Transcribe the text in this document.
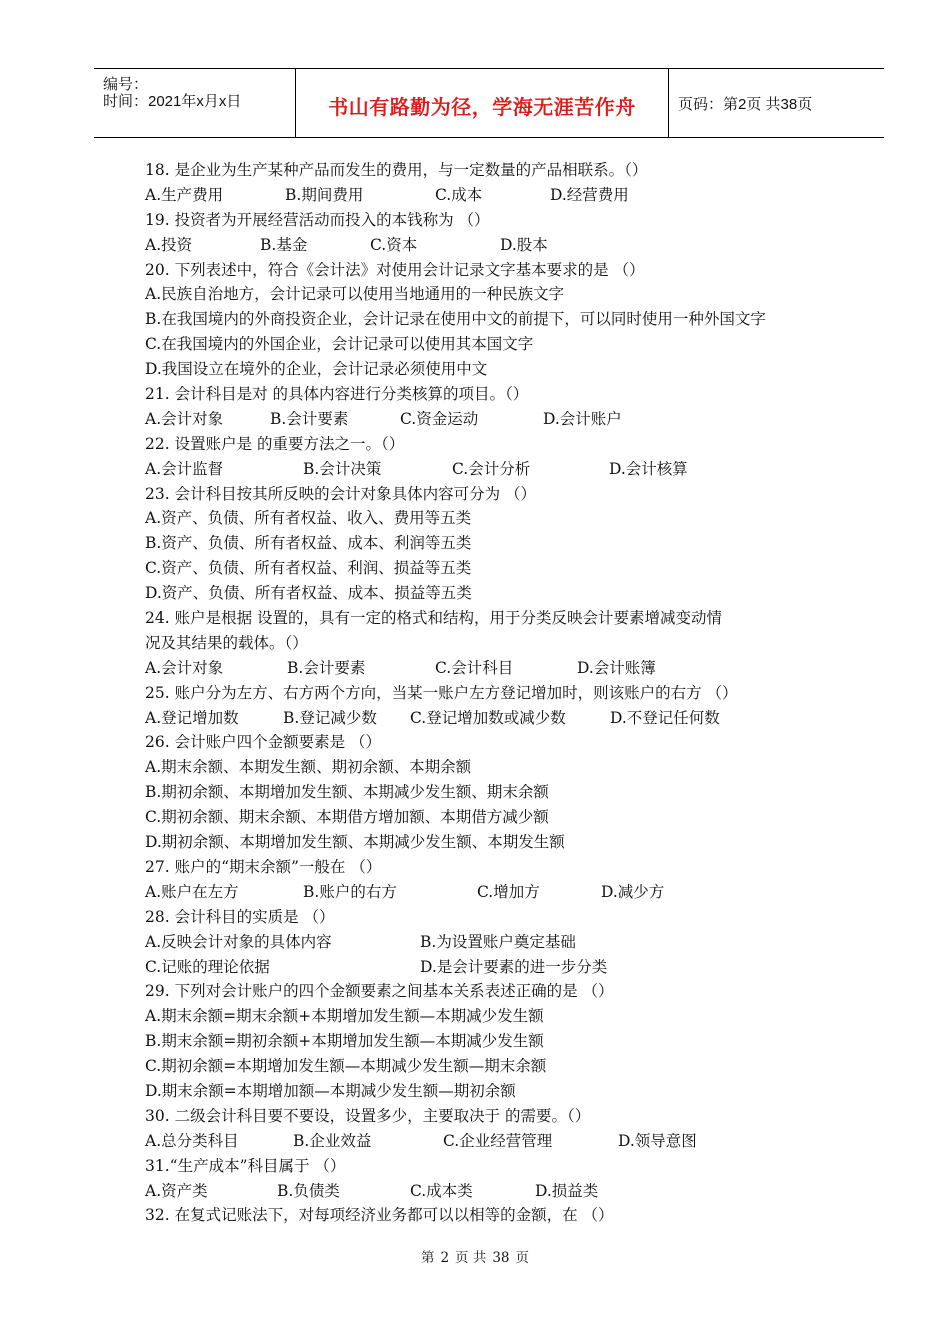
编号：
时间：2021年x月x日	书山有路勤为径，学海无涯苦作舟	页码：第2页 共38页
18. 是企业为生产某种产品而发生的费用，与一定数量的产品相联系。（）
A.生产费用	B.期间费用	C.成本	D.经营费用
19. 投资者为开展经营活动而投入的本钱称为 （）
A.投资	B.基金	C.资本	D.股本
20. 下列表述中，符合《会计法》对使用会计记录文字基本要求的是 （）
A.民族自治地方，会计记录可以使用当地通用的一种民族文字
B.在我国境内的外商投资企业，会计记录在使用中文的前提下，可以同时使用一种外国文字
C.在我国境内的外国企业，会计记录可以使用其本国文字
D.我国设立在境外的企业，会计记录必须使用中文
21. 会计科目是对 的具体内容进行分类核算的项目。（）
A.会计对象	B.会计要素	C.资金运动	D.会计账户
22. 设置账户是 的重要方法之一。（）
A.会计监督	B.会计决策	C.会计分析	D.会计核算
23. 会计科目按其所反映的会计对象具体内容可分为 （）
A.资产、负债、所有者权益、收入、费用等五类
B.资产、负债、所有者权益、成本、利润等五类
C.资产、负债、所有者权益、利润、损益等五类
D.资产、负债、所有者权益、成本、损益等五类
24. 账户是根据 设置的，具有一定的格式和结构，用于分类反映会计要素增减变动情
况及其结果的载体。（）
A.会计对象	B.会计要素	C.会计科目	D.会计账簿
25. 账户分为左方、右方两个方向，当某一账户左方登记增加时，则该账户的右方 （）
A.登记增加数	B.登记减少数 C.登记增加数或减少数	D.不登记任何数
26. 会计账户四个金额要素是 （）
A.期末余额、本期发生额、期初余额、本期余额
B.期初余额、本期增加发生额、本期减少发生额、期末余额
C.期初余额、期末余额、本期借方增加额、本期借方减少额
D.期初余额、本期增加发生额、本期减少发生额、本期发生额
27. 账户的“期末余额”一般在 （）
A.账户在左方	B.账户的右方	C.增加方	D.减少方
28. 会计科目的实质是 （）
A.反映会计对象的具体内容	B.为设置账户奠定基础
C.记账的理论依据	D.是会计要素的进一步分类
29. 下列对会计账户的四个金额要素之间基本关系表述正确的是 （）
A.期末余额=期末余额+本期增加发生额—本期减少发生额
B.期末余额=期初余额+本期增加发生额—本期减少发生额
C.期初余额=本期增加发生额—本期减少发生额—期末余额
D.期末余额=本期增加额—本期减少发生额—期初余额
30. 二级会计科目要不要设，设置多少，主要取决于 的需要。（）
A.总分类科目	B.企业效益	C.企业经营管理	D.领导意图
31.“生产成本”科目属于 （）
A.资产类	B.负债类	C.成本类	D.损益类
32. 在复式记账法下，对每项经济业务都可以以相等的金额，在 （）
第 2 页 共 38 页
